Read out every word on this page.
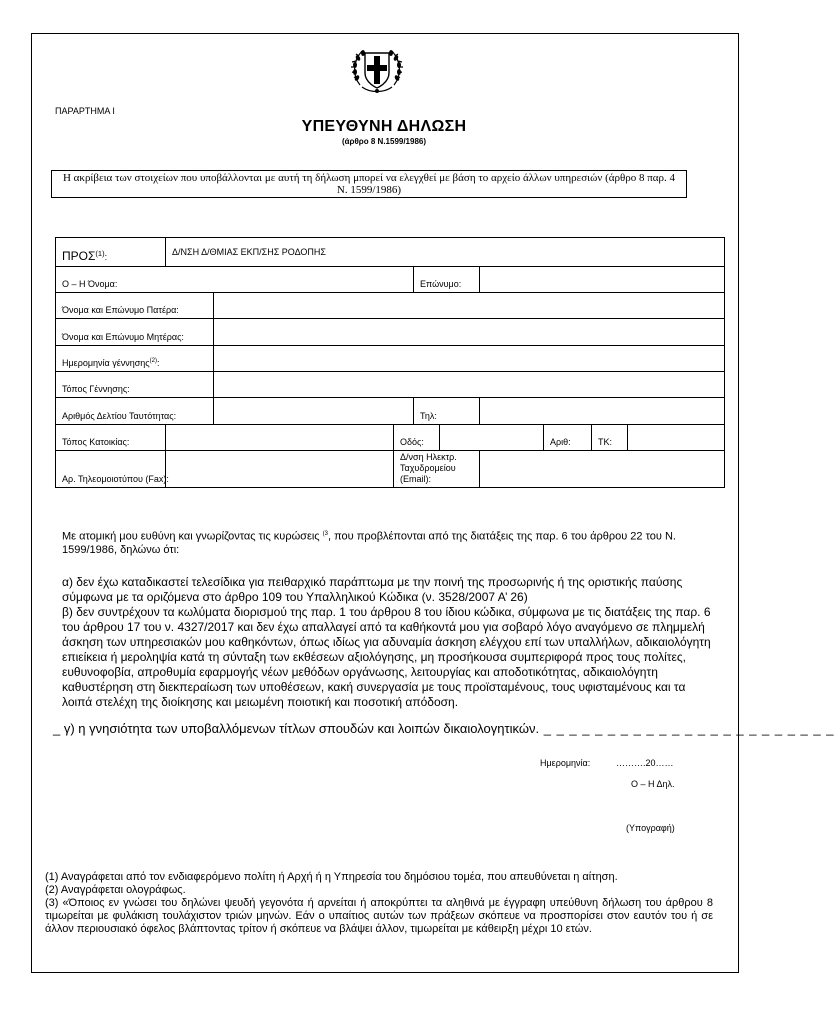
ΠΑΡΑΡΤΗΜΑ Ι
ΥΠΕΥΘΥΝΗ ΔΗΛΩΣΗ
(άρθρο 8 Ν.1599/1986)
Η ακρίβεια των στοιχείων που υποβάλλονται με αυτή τη δήλωση μπορεί να ελεγχθεί με βάση το αρχείο άλλων υπηρεσιών (άρθρο 8 παρ. 4 Ν. 1599/1986)
ΠΡΟΣ$^{(1)}$:	Δ/ΝΣΗ Δ/ΘΜΙΑΣ ΕΚΠ/ΣΗΣ ΡΟΔΟΠΗΣ								
Ο – Η Όνομα:				Επώνυμο:					
Όνομα και Επώνυμο Πατέρα:									
Όνομα και Επώνυμο Μητέρας:									
Ημερομηνία γέννησης$^{(2)}$:									
Τόπος Γέννησης:									
Αριθμός Δελτίου Ταυτότητας:				Τηλ:					
Τόπος Κατοικίας:			Οδός:				Αριθ:	ΤΚ:	
Αρ. Τηλεομοιοτύπου (Fax):			Δ/νση Ηλεκτρ. Ταχυδρομείου (Email):						
Με ατομική μου ευθύνη και γνωρίζοντας τις κυρώσεις $^{(3}$, που προβλέπονται από της διατάξεις της παρ. 6 του άρθρου 22 του Ν. 1599/1986, δηλώνω ότι:
α) δεν έχω καταδικαστεί τελεσίδικα για πειθαρχικό παράπτωμα με την ποινή της προσωρινής ή της οριστικής παύσης σύμφωνα με τα οριζόμενα στο άρθρο 109 του Υπαλληλικού Κώδικα (ν. 3528/2007 Α’ 26)
β) δεν συντρέχουν τα κωλύματα διορισμού της παρ. 1 του άρθρου 8 του ίδιου κώδικα, σύμφωνα με τις διατάξεις της παρ. 6 του άρθρου 17 του ν. 4327/2017 και δεν έχω απαλλαγεί από τα καθήκοντά μου για σοβαρό λόγο αναγόμενο σε πλημμελή άσκηση των υπηρεσιακών μου καθηκόντων, όπως ιδίως για αδυναμία άσκηση ελέγχου επί των υπαλλήλων, αδικαιολόγητη επιείκεια ή μεροληψία κατά τη σύνταξη των εκθέσεων αξιολόγησης, μη προσήκουσα συμπεριφορά προς τους πολίτες, ευθυνοφοβία, απροθυμία εφαρμογής νέων μεθόδων οργάνωσης, λειτουργίας και αποδοτικότητας, αδικαιολόγητη καθυστέρηση στη διεκπεραίωση των υποθέσεων, κακή συνεργασία με τους προϊσταμένους, τους υφισταμένους και τα λοιπά στελέχη της διοίκησης και μειωμένη ποιοτική και ποσοτική απόδοση.
_ γ) η γνησιότητα των υποβαλλόμενων τίτλων σπουδών και λοιπών δικαιολογητικών. _ _ _ _ _ _ _ _ _ _ _ _ _ _ _ _ _ _ _ _ _ _ _
Ημερομηνία:	……….20……
Ο – Η Δηλ.
(Υπογραφή)
(1) Αναγράφεται από τον ενδιαφερόμενο πολίτη ή Αρχή ή η Υπηρεσία του δημόσιου τομέα, που απευθύνεται η αίτηση.
(2) Αναγράφεται ολογράφως.
(3) «Όποιος εν γνώσει του δηλώνει ψευδή γεγονότα ή αρνείται ή αποκρύπτει τα αληθινά με έγγραφη υπεύθυνη δήλωση του άρθρου 8 τιμωρείται με φυλάκιση τουλάχιστον τριών μηνών. Εάν ο υπαίτιος αυτών των πράξεων σκόπευε να προσπορίσει στον εαυτόν του ή σε άλλον περιουσιακό όφελος βλάπτοντας τρίτον ή σκόπευε να βλάψει άλλον, τιμωρείται με κάθειρξη μέχρι 10 ετών.
